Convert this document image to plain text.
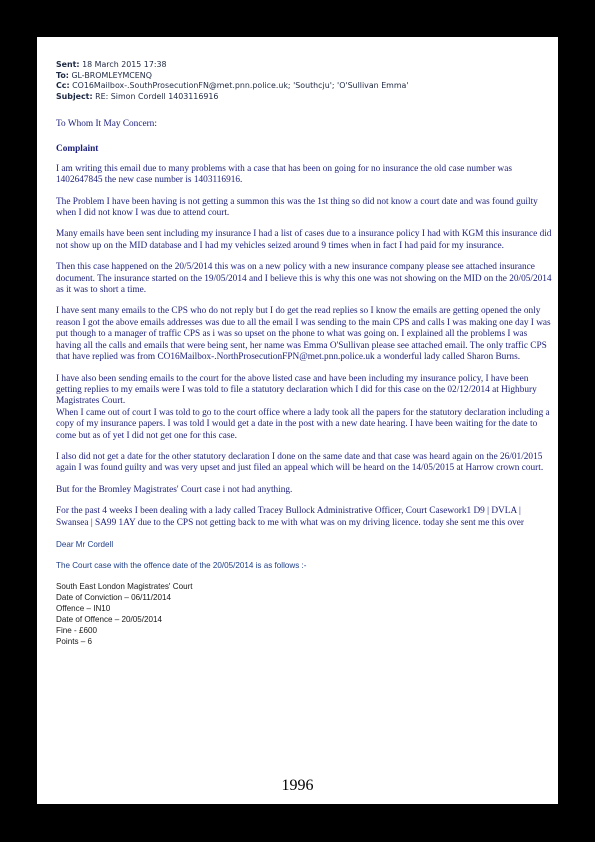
Sent: 18 March 2015 17:38
To: GL-BROMLEYMCENQ
Cc: CO16Mailbox-.SouthProsecutionFN@met.pnn.police.uk; 'Southcju'; 'O'Sullivan Emma'
Subject: RE: Simon Cordell 1403116916

To Whom It May Concern:

Complaint

I am writing this email due to many problems with a case that has been on going for no insurance the old case number was 1402647845 the new case number is 1403116916.

The Problem I have been having is not getting a summon this was the 1st thing so did not know a court date and was found guilty when I did not know I was due to attend court.

Many emails have been sent including my insurance I had a list of cases due to a insurance policy I had with KGM this insurance did not show up on the MID database and I had my vehicles seized around 9 times when in fact I had paid for my insurance.

Then this case happened on the 20/5/2014 this was on a new policy with a new insurance company please see attached insurance document. The insurance started on the 19/05/2014 and I believe this is why this one was not showing on the MID on the 20/05/2014 as it was to short a time.

I have sent many emails to the CPS who do not reply but I do get the read replies so I know the emails are getting opened the only reason I got the above emails addresses was due to all the email I was sending to the main CPS and calls I was making one day I was put though to a manager of traffic CPS as i was so upset on the phone to what was going on. I explained all the problems I was having all the calls and emails that were being sent, her name was Emma O'Sullivan please see attached email. The only traffic CPS that have replied was from CO16Mailbox-.NorthProsecutionFPN@met.pnn.police.uk a wonderful lady called Sharon Burns.

I have also been sending emails to the court for the above listed case and have been including my insurance policy, I have been getting replies to my emails were I was told to file a statutory declaration which I did for this case on the 02/12/2014 at Highbury Magistrates Court.

When I came out of court I was told to go to the court office where a lady took all the papers for the statutory declaration including a copy of my insurance papers. I was told I would get a date in the post with a new date hearing. I have been waiting for the date to come but as of yet I did not get one for this case.

I also did not get a date for the other statutory declaration I done on the same date and that case was heard again on the 26/01/2015 again I was found guilty and was very upset and just filed an appeal which will be heard on the 14/05/2015 at Harrow crown court.

But for the Bromley Magistrates' Court case i not had anything.

For the past 4 weeks I been dealing with a lady called Tracey Bullock Administrative Officer, Court Casework1 D9 | DVLA | Swansea | SA99 1AY due to the CPS not getting back to me with what was on my driving licence. today she sent me this over

Dear Mr Cordell

The Court case with the offence date of the 20/05/2014 is as follows :-

South East London Magistrates' Court
Date of Conviction – 06/11/2014
Offence – IN10
Date of Offence – 20/05/2014
Fine - £600
Points – 6
1996
